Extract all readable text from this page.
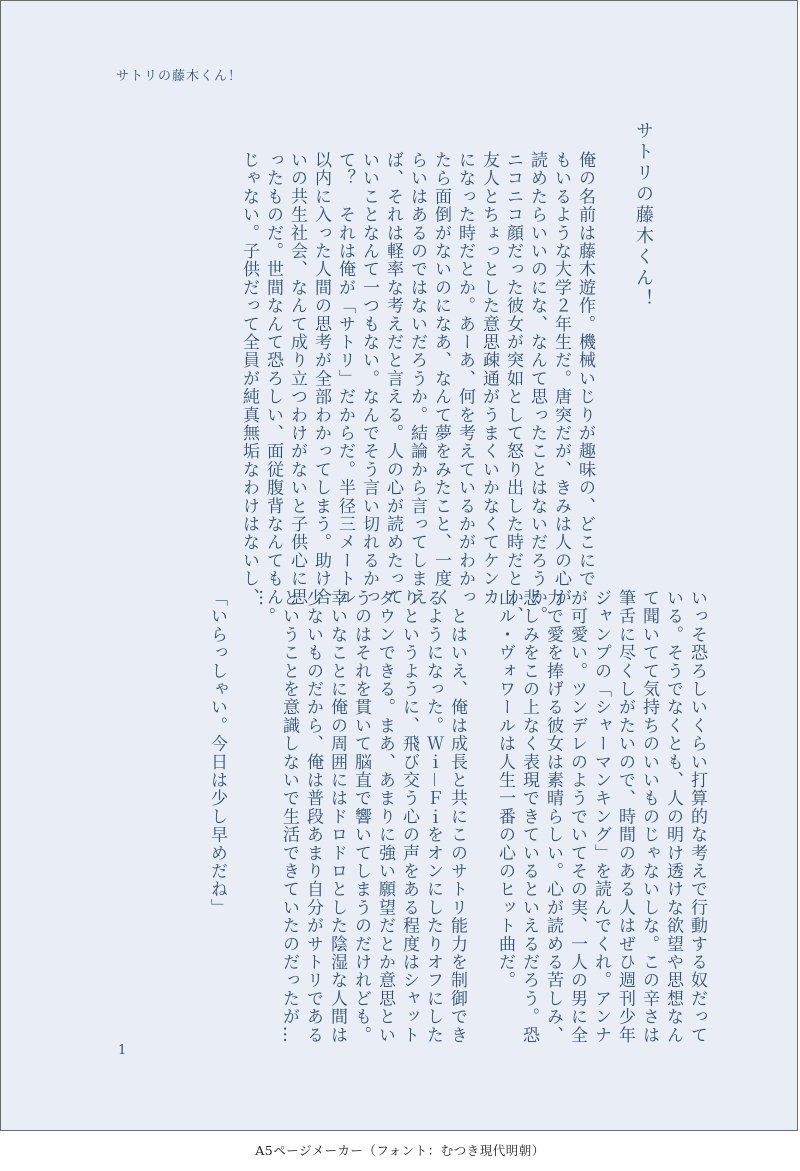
サトリの藤木くん！
サトリの藤木くん！
俺の名前は藤木遊作。機械いじりが趣味の、どこにで
もいるような大学２年生だ。唐突だが、きみは人の心が
読めたらいいのにな、なんて思ったことはないだろうか。
ニコニコ顔だった彼女が突如として怒り出した時だとか、
友人とちょっとした意思疎通がうまくいかなくてケンカ
になった時だとか。あーあ、何を考えているかがわかっ
たら面倒がないのになあ、なんて夢をみたこと、一度く
らいはあるのではないだろうか。結論から言ってしまえ
ば、それは軽率な考えだと言える。人の心が読めたって
いいことなんて一つもない。なんでそう言い切れるかっ
て？　それは俺が「サトリ」だからだ。半径三メートル
以内に入った人間の思考が全部わかってしまう。助け合
いの共生社会、なんて成り立つわけがないと子供心に思
ったものだ。世間なんて恐ろしい、面従腹背なんてもん
じゃない。子供だって全員が純真無垢なわけはないし、
いっそ恐ろしいくらい打算的な考えで行動する奴だって
いる。そうでなくとも、人の明け透けな欲望や思想なん
て聞いてて気持ちのいいものじゃないしな。この辛さは
筆舌に尽くしがたいので、時間のある人はぜひ週刊少年
ジャンプの「シャーマンキング」を読んでくれ。アンナ
が可愛い。ツンデレのようでいてその実、一人の男に全
力で愛を捧げる彼女は素晴らしい。心が読める苦しみ、
悲しみをこの上なく表現できているといえるだろう。恐
山ル・ヴォワールは人生一番の心のヒット曲だ。

　とはいえ、俺は成長と共にこのサトリ能力を制御でき
るようになった。Ｗｉ－Ｆｉをオンにしたりオフにした
りというように、飛び交う心の声をある程度はシャット
ダウンできる。まあ、あまりに強い願望だとか意思とい
うのはそれを貫いて脳直で響いてしまうのだけれども。
幸いなことに俺の周囲にはドロドロとした陰湿な人間は
少ないものだから、俺は普段あまり自分がサトリである
ということを意識しないで生活できていたのだったが…
…。

「いらっしゃい。今日は少し早めだね」
1
A5ページメーカー（フォント：むつき現代明朝）
